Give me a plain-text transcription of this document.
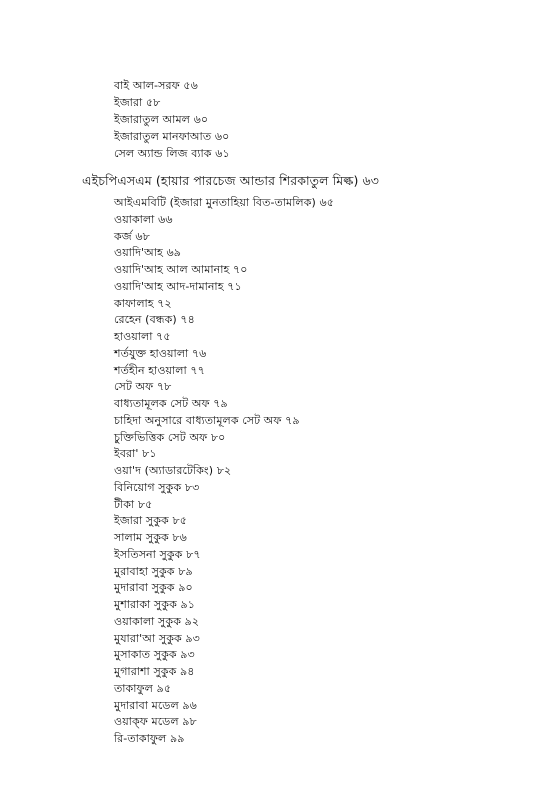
বাই আল-সরফ ৫৬
ইজারা ৫৮
ইজারাতুল আমল ৬০
ইজারাতুল মানফাআত ৬০
সেল অ্যান্ড লিজ ব্যাক ৬১
এইচপিএসএম (হায়ার পারচেজ আন্ডার শিরকাতুল মিল্ক) ৬৩
আইএমবিটি (ইজারা মুনতাহিয়া বিত-তামলিক) ৬৫
ওয়াকালা ৬৬
কর্জ ৬৮
ওয়াদি'আহ ৬৯
ওয়াদি'আহ আল আমানাহ ৭০
ওয়াদি'আহ আদ-দামানাহ ৭১
কাফালাহ ৭২
রেহেন (বন্ধক) ৭৪
হাওয়ালা ৭৫
শর্তযুক্ত হাওয়ালা ৭৬
শর্তহীন হাওয়ালা ৭৭
সেট অফ ৭৮
বাধ্যতামূলক সেট অফ ৭৯
চাহিদা অনুসারে বাধ্যতামূলক সেট অফ ৭৯
চুক্তিভিত্তিক সেট অফ ৮০
ইবরা' ৮১
ওয়া'দ (অ্যাডারটেকিং) ৮২
বিনিয়োগ সুকুক ৮৩
টীকা ৮৫
ইজারা সুকুক ৮৫
সালাম সুকুক ৮৬
ইসতিসনা সুকুক ৮৭
মুরাবাহা সুকুক ৮৯
মুদারাবা সুকুক ৯০
মুশারাকা সুকুক ৯১
ওয়াকালা সুকুক ৯২
মুযারা'আ সুকুক ৯৩
মুসাকাত সুকুক ৯৩
মুগারাশা সুকুক ৯৪
তাকাফুল ৯৫
মুদারাবা মডেল ৯৬
ওয়াক্ফ মডেল ৯৮
রি-তাকাফুল ৯৯
